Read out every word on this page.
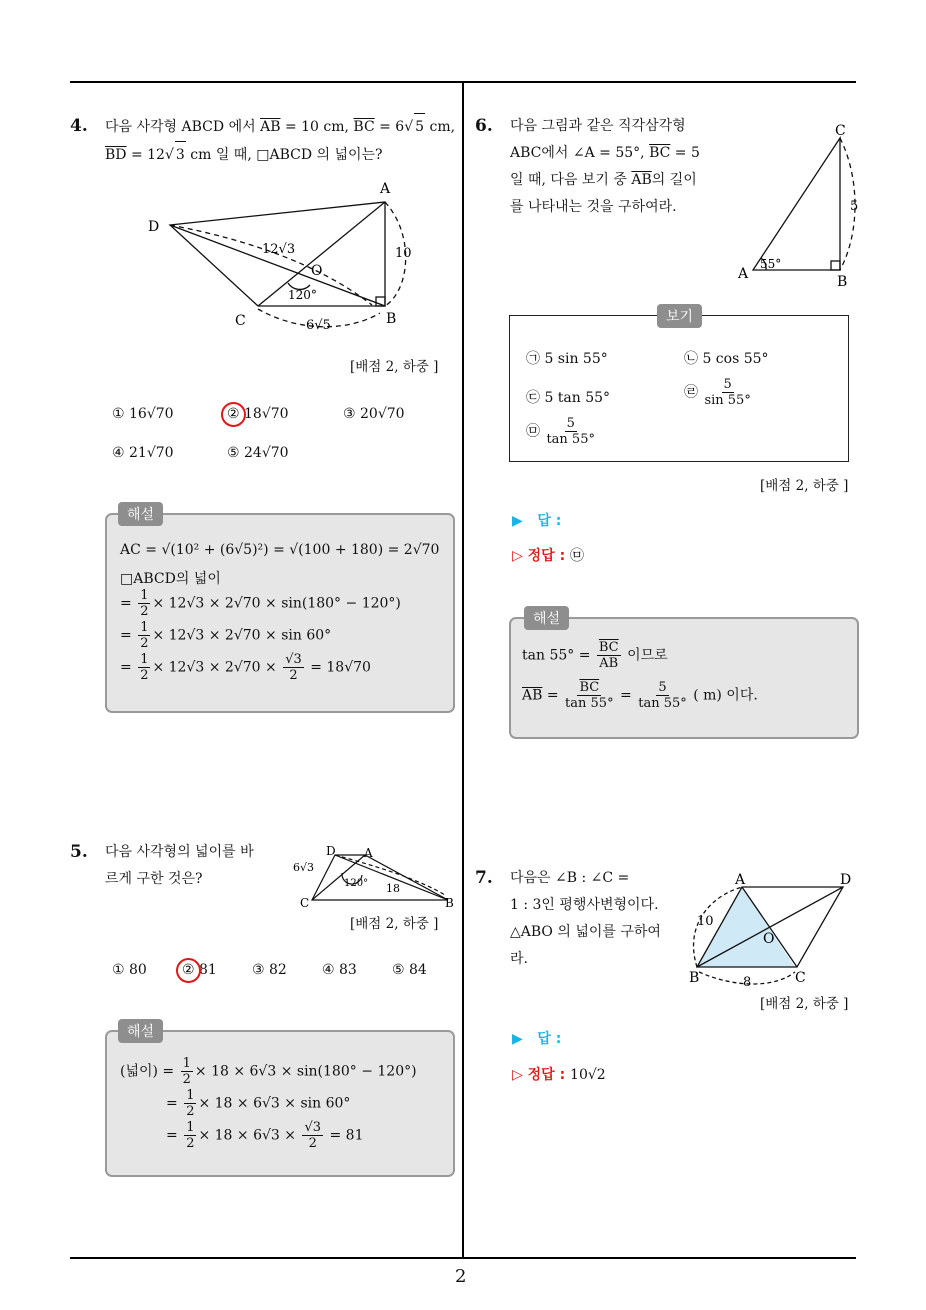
2
4. 다음 사각형 ABCD 에서 $\overline{AB} = 10$ cm, $\overline{BC} = 6√$ 5 cm,
$\overline{BD} = 12√$ 3 cm 일 때, □ABCD 의 넓이는?
D
A
C	B
O
12√3	10
6√5
120°
[배점 2, 하중 ]
① 16√70	② 18√70	③ 20√70
④ 21√70	⑤ 24√70
해설
AC = √(10² + (6√5)²) = √(100 + 180) = 2√70
□ABCD의 넓이
= $\frac{1}{2} \times 12√3 \times 2√70 \times \sin(180^\circ - 120^\circ)$
= $\frac{1}{2} \times 12√3 \times 2√70 \times \sin 60^\circ$
= $\frac{1}{2} \times 12√3 \times 2√70 \times \frac{√3}{2} = 18√70$
5. 다음 사각형의 넓이를 바
르게 구한 것은?
D A
C	B
6√3
18
120°
[배점 2, 하중 ]
① 80	② 81	③ 82	④ 83	⑤ 84
해설
(넓이) = $\frac{1}{2} \times 18 \times 6√3 \times \sin(180^\circ - 120^\circ)$
= $\frac{1}{2} \times 18 \times 6√3 \times \sin 60^\circ$
= $\frac{1}{2} \times 18 \times 6√3 \times \frac{√3}{2} = 81$
6. 다음 그림과 같은 직각삼각형
ABC에서 ∠A = 55°, $\overline{BC} = 5$
일 때, 다음 보기 중 $\overline{AB}$의 길이
를 나타내는 것을 구하여라.
C
A	B
5
55°
보기
㉠ 5 sin 55°	㉡ 5 cos 55°
㉢ 5 tan 55°	㉣ $\frac{5}{\sin 55^\circ}$
㉤ $\frac{5}{\tan 55^\circ}$
[배점 2, 하중 ]
▶   답 :
▷ 정답 : ㉤
해설
$\tan 55^\circ = \frac{\overline{BC}}{AB}$ 이므로
$\overline{AB} = \frac{\overline{BC}}{\tan 55^\circ} = \frac{5}{\tan 55^\circ}$ ( m) 이다.
7. 다음은 ∠B : ∠C =
1 : 3인 평행사변형이다.
△ABO 의 넓이를 구하여
라.
A	D
B	C
O
10
8
[배점 2, 하중 ]
▶   답 :
▷ 정답 : 10√2
